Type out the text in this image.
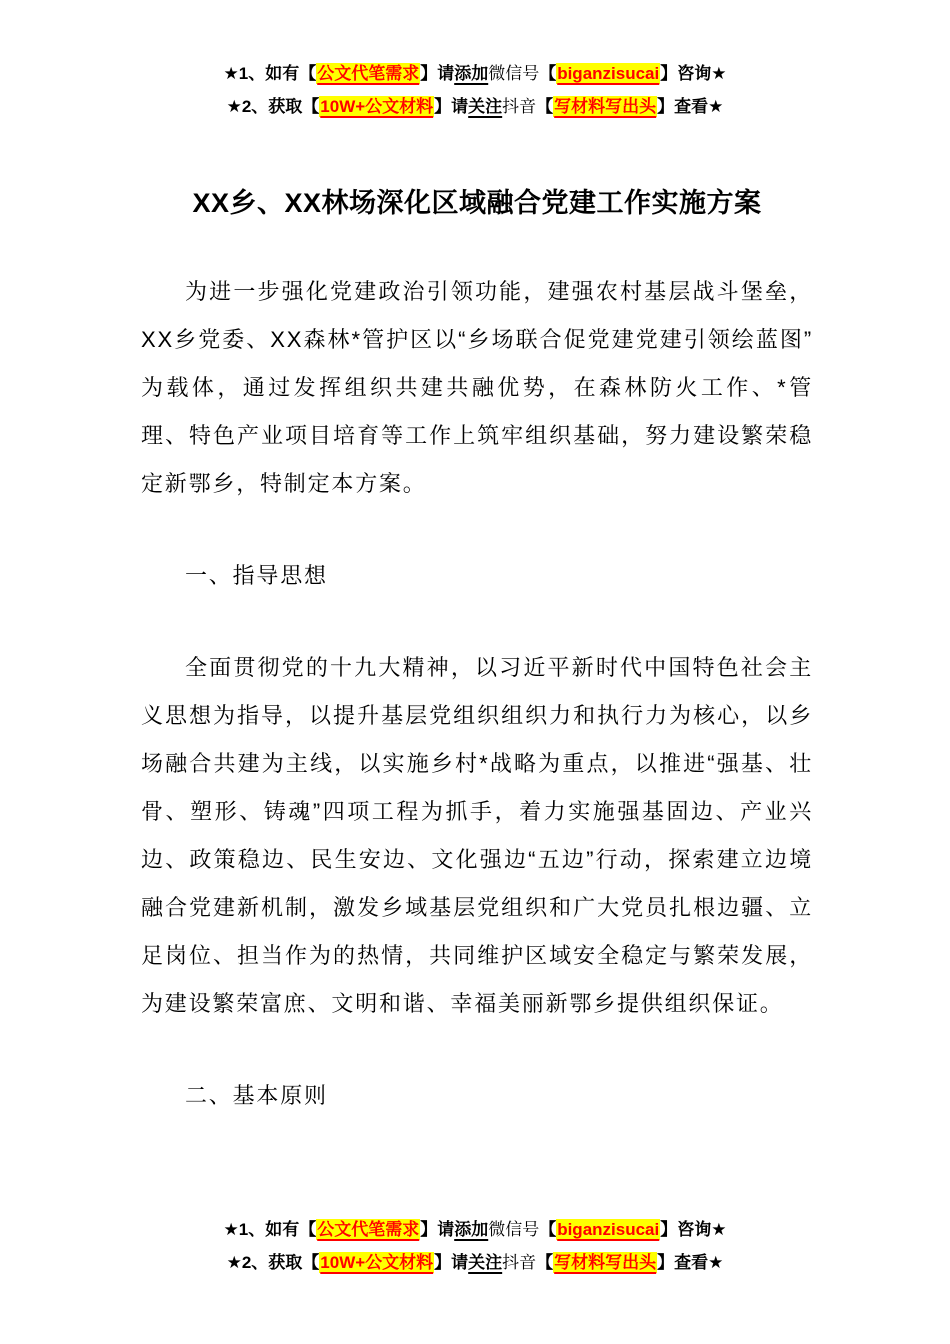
★1、如有【公文代笔需求】请添加微信号【biganzisucai】咨询★
★2、获取【10W+公文材料】请关注抖音【写材料写出头】查看★
XX乡、XX林场深化区域融合党建工作实施方案

为进一步强化党建政治引领功能，建强农村基层战斗堡垒，XX乡党委、XX森林*管护区以“乡场联合促党建党建引领绘蓝图”为载体，通过发挥组织共建共融优势，在森林防火工作、*管理、特色产业项目培育等工作上筑牢组织基础，努力建设繁荣稳定新鄂乡，特制定本方案。

一、指导思想

全面贯彻党的十九大精神，以习近平新时代中国特色社会主义思想为指导，以提升基层党组织组织力和执行力为核心，以乡场融合共建为主线，以实施乡村*战略为重点，以推进“强基、壮骨、塑形、铸魂”四项工程为抓手，着力实施强基固边、产业兴边、政策稳边、民生安边、文化强边“五边”行动，探索建立边境融合党建新机制，激发乡域基层党组织和广大党员扎根边疆、立足岗位、担当作为的热情，共同维护区域安全稳定与繁荣发展，为建设繁荣富庶、文明和谐、幸福美丽新鄂乡提供组织保证。

二、基本原则

★1、如有【公文代笔需求】请添加微信号【biganzisucai】咨询★
★2、获取【10W+公文材料】请关注抖音【写材料写出头】查看★
